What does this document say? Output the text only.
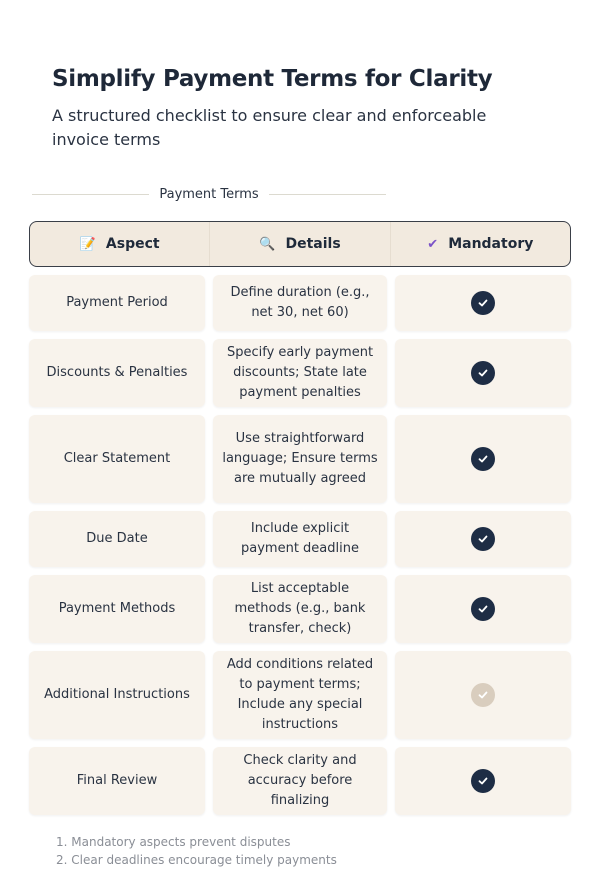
Simplify Payment Terms for Clarity
A structured checklist to ensure clear and enforceable invoice terms
Payment Terms
📝 Aspect	🔍 Details	✔ Mandatory
Payment Period
Define duration (e.g., net 30, net 60)
Discounts & Penalties
Specify early payment discounts; State late payment penalties
Clear Statement
Use straightforward language; Ensure terms are mutually agreed
Due Date
Include explicit payment deadline
Payment Methods
List acceptable methods (e.g., bank transfer, check)
Additional Instructions
Add conditions related to payment terms; Include any special instructions
Final Review
Check clarity and accuracy before finalizing
1. Mandatory aspects prevent disputes
2. Clear deadlines encourage timely payments
